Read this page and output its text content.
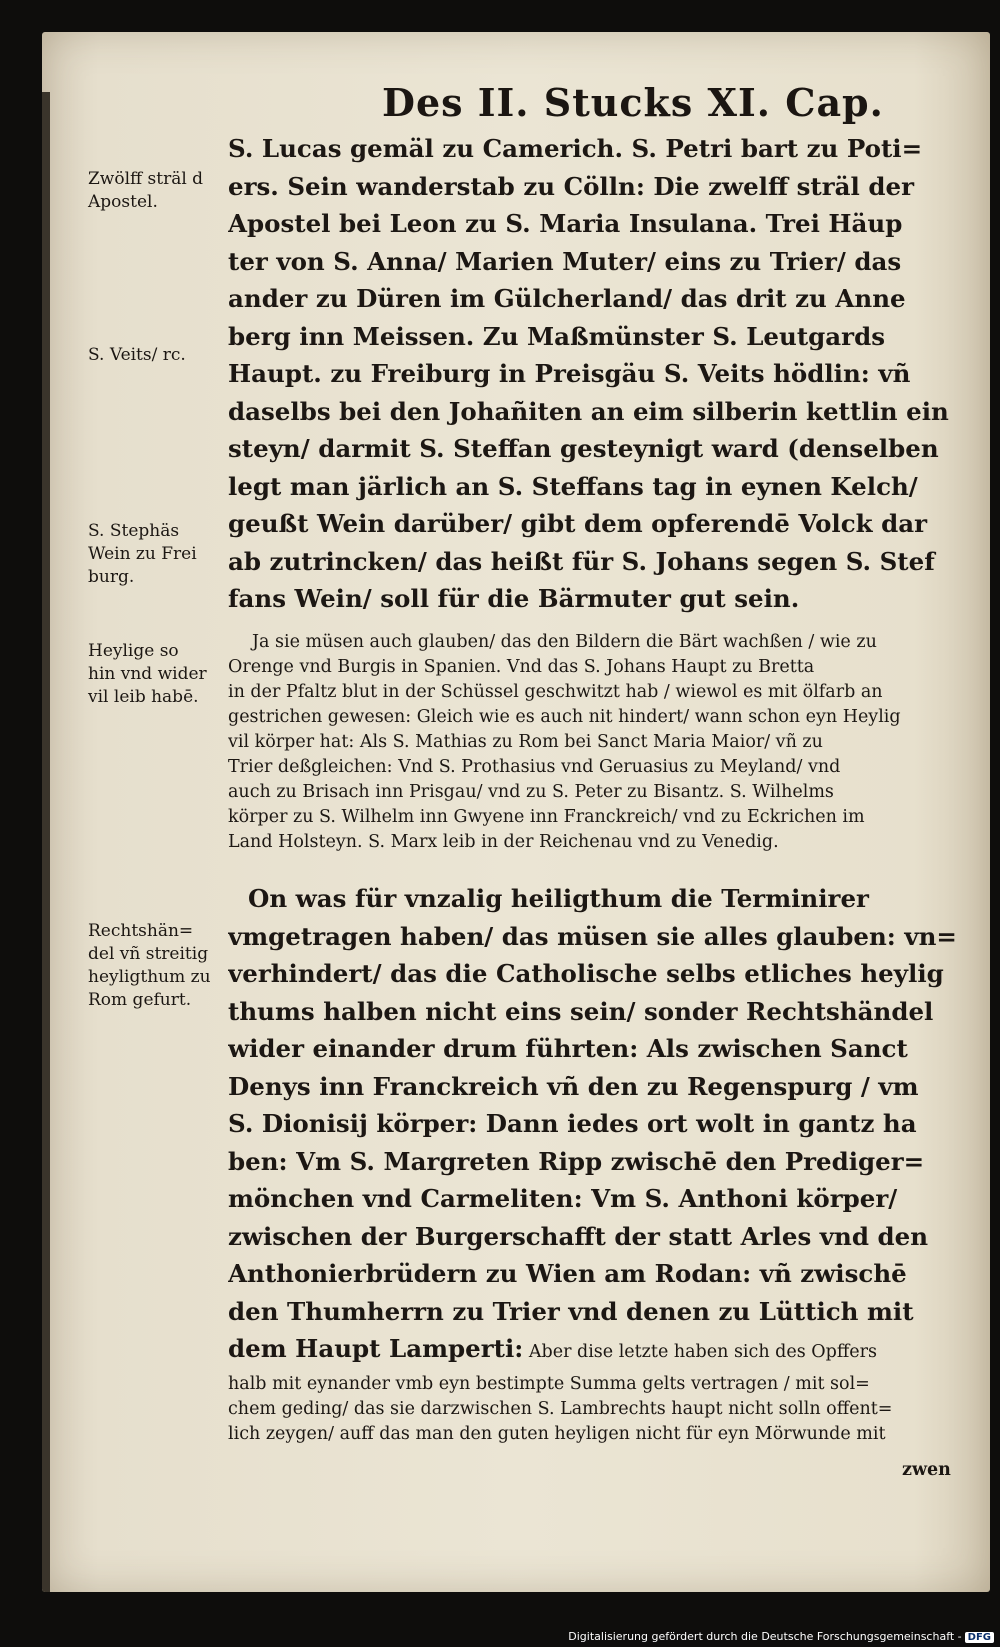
Des II. Stucks XI. Cap.
Zwölff sträl d
Apostel.
S. Veits/ rc.
S. Stephäs
Wein zu Frei
burg.
Heylige so
hin vnd wider
vil leib habē.
Rechtshän=
del vñ streitig
heyligthum zu
Rom gefurt.
S. Lucas gemäl zu Camerich. S. Petri bart zu Poti=
ers. Sein wanderstab zu Cölln: Die zwelff sträl der
Apostel bei Leon zu S. Maria Insulana. Trei Häup
ter von S. Anna/ Marien Muter/ eins zu Trier/ das
ander zu Düren im Gülcherland/ das drit zu Anne
berg inn Meissen. Zu Maßmünster S. Leutgards
Haupt. zu Freiburg in Preisgäu S. Veits hödlin: vñ
daselbs bei den Johañiten an eim silberin kettlin ein
steyn/ darmit S. Steffan gesteynigt ward (denselben
legt man järlich an S. Steffans tag in eynen Kelch/
geußt Wein darüber/ gibt dem opferendē Volck dar
ab zutrincken/ das heißt für S. Johans segen S. Stef
fans Wein/ soll für die Bärmuter gut sein.
Ja sie müsen auch glauben/ das den Bildern die Bärt wachßen / wie zu
Orenge vnd Burgis in Spanien. Vnd das S. Johans Haupt zu Bretta
in der Pfaltz blut in der Schüssel geschwitzt hab / wiewol es mit ölfarb an
gestrichen gewesen: Gleich wie es auch nit hindert/ wann schon eyn Heylig
vil körper hat: Als S. Mathias zu Rom bei Sanct Maria Maior/ vñ zu
Trier deßgleichen: Vnd S. Prothasius vnd Geruasius zu Meyland/ vnd
auch zu Brisach inn Prisgau/ vnd zu S. Peter zu Bisantz. S. Wilhelms
körper zu S. Wilhelm inn Gwyene inn Franckreich/ vnd zu Eckrichen im
Land Holsteyn. S. Marx leib in der Reichenau vnd zu Venedig.
On was für vnzalig heiligthum die Terminirer
vmgetragen haben/ das müsen sie alles glauben: vn=
verhindert/ das die Catholische selbs etliches heylig
thums halben nicht eins sein/ sonder Rechtshändel
wider einander drum führten: Als zwischen Sanct
Denys inn Franckreich vñ den zu Regenspurg / vm
S. Dionisij körper: Dann iedes ort wolt in gantz ha
ben: Vm S. Margreten Ripp zwischē den Prediger=
mönchen vnd Carmeliten: Vm S. Anthoni körper/
zwischen der Burgerschafft der statt Arles vnd den
Anthonierbrüdern zu Wien am Rodan: vñ zwischē
den Thumherrn zu Trier vnd denen zu Lüttich mit
dem Haupt Lamperti: Aber dise letzte haben sich des Opffers
halb mit eynander vmb eyn bestimpte Summa gelts vertragen / mit sol=
chem geding/ das sie darzwischen S. Lambrechts haupt nicht solln offent=
lich zeygen/ auff das man den guten heyligen nicht für eyn Mörwunde mit
zwen
Digitalisierung gefördert durch die Deutsche Forschungsgemeinschaft - DFG
